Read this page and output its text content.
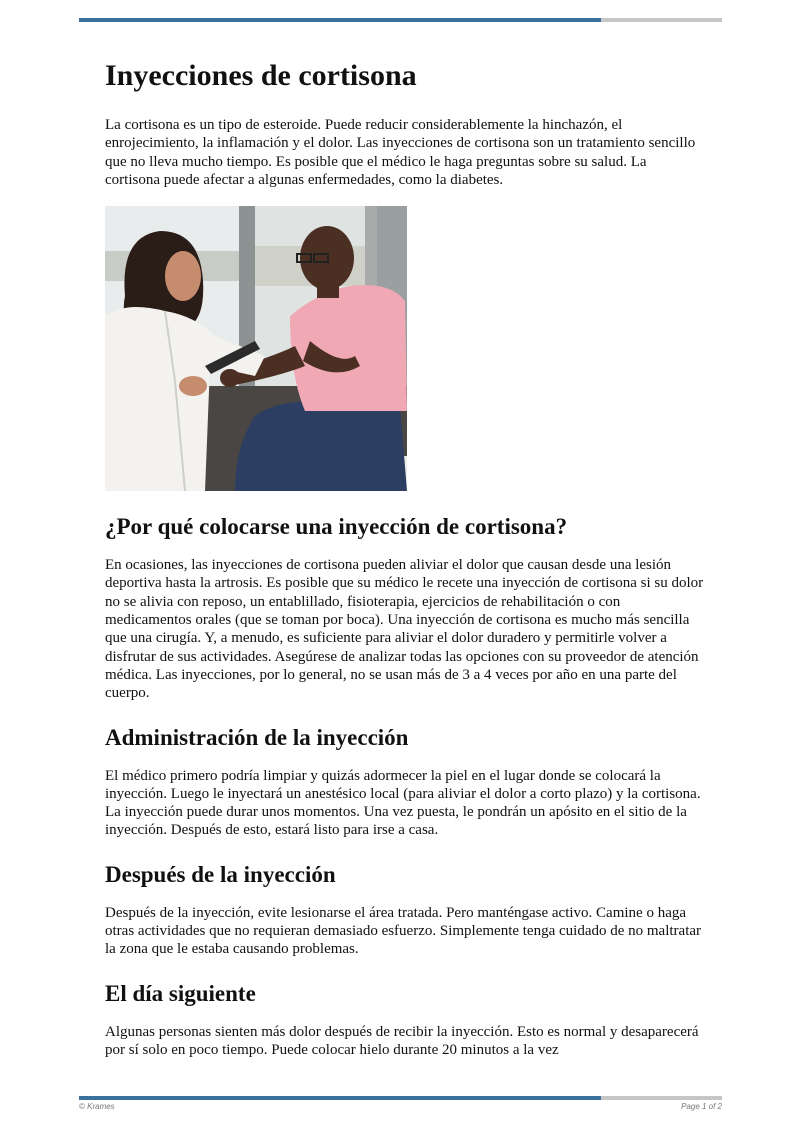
Inyecciones de cortisona

La cortisona es un tipo de esteroide. Puede reducir considerablemente la hinchazón, el enrojecimiento, la inflamación y el dolor. Las inyecciones de cortisona son un tratamiento sencillo que no lleva mucho tiempo. Es posible que el médico le haga preguntas sobre su salud. La cortisona puede afectar a algunas enfermedades, como la diabetes.

¿Por qué colocarse una inyección de cortisona?

En ocasiones, las inyecciones de cortisona pueden aliviar el dolor que causan desde una lesión deportiva hasta la artrosis. Es posible que su médico le recete una inyección de cortisona si su dolor no se alivia con reposo, un entablillado, fisioterapia, ejercicios de rehabilitación o con medicamentos orales (que se toman por boca). Una inyección de cortisona es mucho más sencilla que una cirugía. Y, a menudo, es suficiente para aliviar el dolor duradero y permitirle volver a disfrutar de sus actividades. Asegúrese de analizar todas las opciones con su proveedor de atención médica. Las inyecciones, por lo general, no se usan más de 3 a 4 veces por año en una parte del cuerpo.

Administración de la inyección

El médico primero podría limpiar y quizás adormecer la piel en el lugar donde se colocará la inyección. Luego le inyectará un anestésico local (para aliviar el dolor a corto plazo) y la cortisona. La inyección puede durar unos momentos. Una vez puesta, le pondrán un apósito en el sitio de la inyección. Después de esto, estará listo para irse a casa.

Después de la inyección

Después de la inyección, evite lesionarse el área tratada. Pero manténgase activo. Camine o haga otras actividades que no requieran demasiado esfuerzo. Simplemente tenga cuidado de no maltratar la zona que le estaba causando problemas.

El día siguiente

Algunas personas sienten más dolor después de recibir la inyección. Esto es normal y desaparecerá por sí solo en poco tiempo. Puede colocar hielo durante 20 minutos a la vez

© Krames	Page 1 of 2
